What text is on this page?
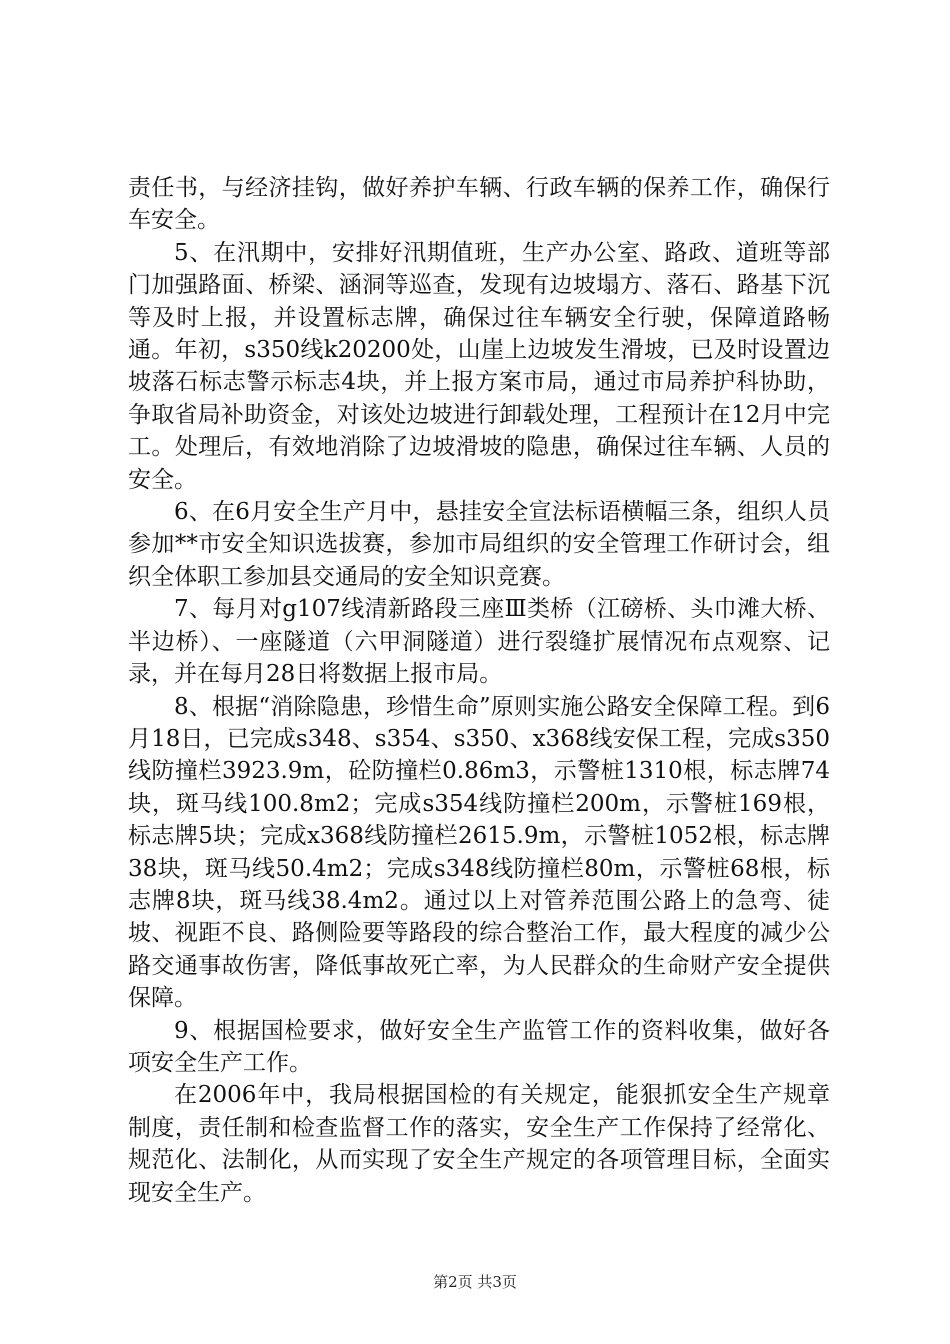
责任书，与经济挂钩，做好养护车辆、行政车辆的保养工作，确保行车安全。

5、在汛期中，安排好汛期值班，生产办公室、路政、道班等部门加强路面、桥梁、涵洞等巡查，发现有边坡塌方、落石、路基下沉等及时上报，并设置标志牌，确保过往车辆安全行驶，保障道路畅通。年初，s350线k20200处，山崖上边坡发生滑坡，已及时设置边坡落石标志警示标志4块，并上报方案市局，通过市局养护科协助，争取省局补助资金，对该处边坡进行卸载处理，工程预计在12月中完工。处理后，有效地消除了边坡滑坡的隐患，确保过往车辆、人员的安全。

6、在6月安全生产月中，悬挂安全宣法标语横幅三条，组织人员参加**市安全知识选拔赛，参加市局组织的安全管理工作研讨会，组织全体职工参加县交通局的安全知识竞赛。

7、每月对g107线清新路段三座Ⅲ类桥（江磅桥、头巾滩大桥、半边桥）、一座隧道（六甲洞隧道）进行裂缝扩展情况布点观察、记录，并在每月28日将数据上报市局。

8、根据“消除隐患，珍惜生命”原则实施公路安全保障工程。到6月18日，已完成s348、s354、s350、x368线安保工程，完成s350线防撞栏3923.9m，砼防撞栏0.86m3，示警桩1310根，标志牌74块，斑马线100.8m2；完成s354线防撞栏200m，示警桩169根，标志牌5块；完成x368线防撞栏2615.9m，示警桩1052根，标志牌38块，斑马线50.4m2；完成s348线防撞栏80m，示警桩68根，标志牌8块，斑马线38.4m2。通过以上对管养范围公路上的急弯、徒坡、视距不良、路侧险要等路段的综合整治工作，最大程度的减少公路交通事故伤害，降低事故死亡率，为人民群众的生命财产安全提供保障。

9、根据国检要求，做好安全生产监管工作的资料收集，做好各项安全生产工作。

在2006年中，我局根据国检的有关规定，能狠抓安全生产规章制度，责任制和检查监督工作的落实，安全生产工作保持了经常化、规范化、法制化，从而实现了安全生产规定的各项管理目标，全面实现安全生产。

第2页 共3页
